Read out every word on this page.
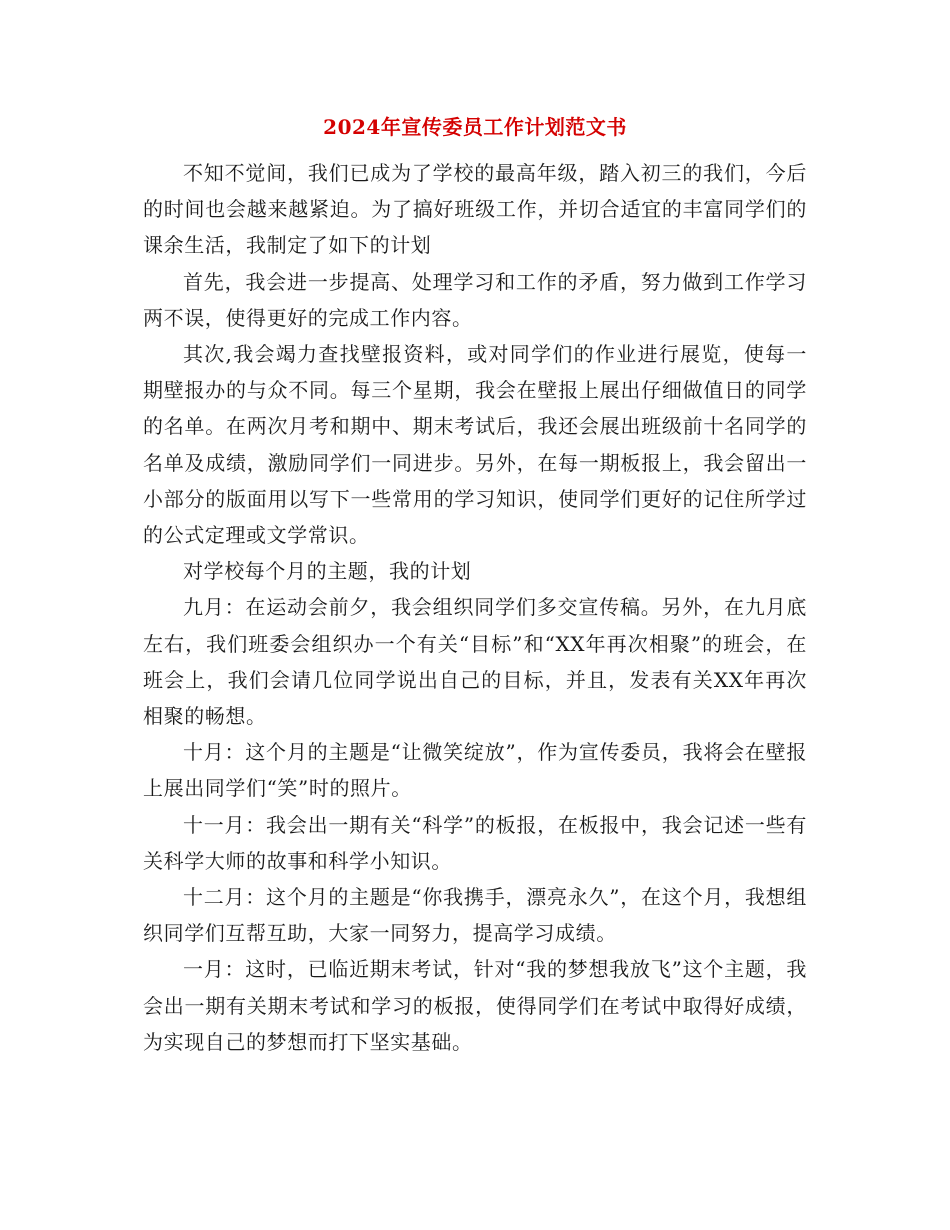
2024年宣传委员工作计划范文书

不知不觉间，我们已成为了学校的最高年级，踏入初三的我们，今后的时间也会越来越紧迫。为了搞好班级工作，并切合适宜的丰富同学们的课余生活，我制定了如下的计划

首先，我会进一步提高、处理学习和工作的矛盾，努力做到工作学习两不误，使得更好的完成工作内容。

其次,我会竭力查找壁报资料，或对同学们的作业进行展览，使每一期壁报办的与众不同。每三个星期，我会在壁报上展出仔细做值日的同学的名单。在两次月考和期中、期末考试后，我还会展出班级前十名同学的名单及成绩，激励同学们一同进步。另外，在每一期板报上，我会留出一小部分的版面用以写下一些常用的学习知识，使同学们更好的记住所学过的公式定理或文学常识。

对学校每个月的主题，我的计划

九月：在运动会前夕，我会组织同学们多交宣传稿。另外，在九月底左右，我们班委会组织办一个有关“目标”和“XX年再次相聚”的班会，在班会上，我们会请几位同学说出自己的目标，并且，发表有关XX年再次相聚的畅想。

十月：这个月的主题是“让微笑绽放”，作为宣传委员，我将会在壁报上展出同学们“笑”时的照片。

十一月：我会出一期有关“科学”的板报，在板报中，我会记述一些有关科学大师的故事和科学小知识。

十二月：这个月的主题是“你我携手，漂亮永久”，在这个月，我想组织同学们互帮互助，大家一同努力，提高学习成绩。

一月：这时，已临近期末考试，针对“我的梦想我放飞”这个主题，我会出一期有关期末考试和学习的板报，使得同学们在考试中取得好成绩，为实现自己的梦想而打下坚实基础。
